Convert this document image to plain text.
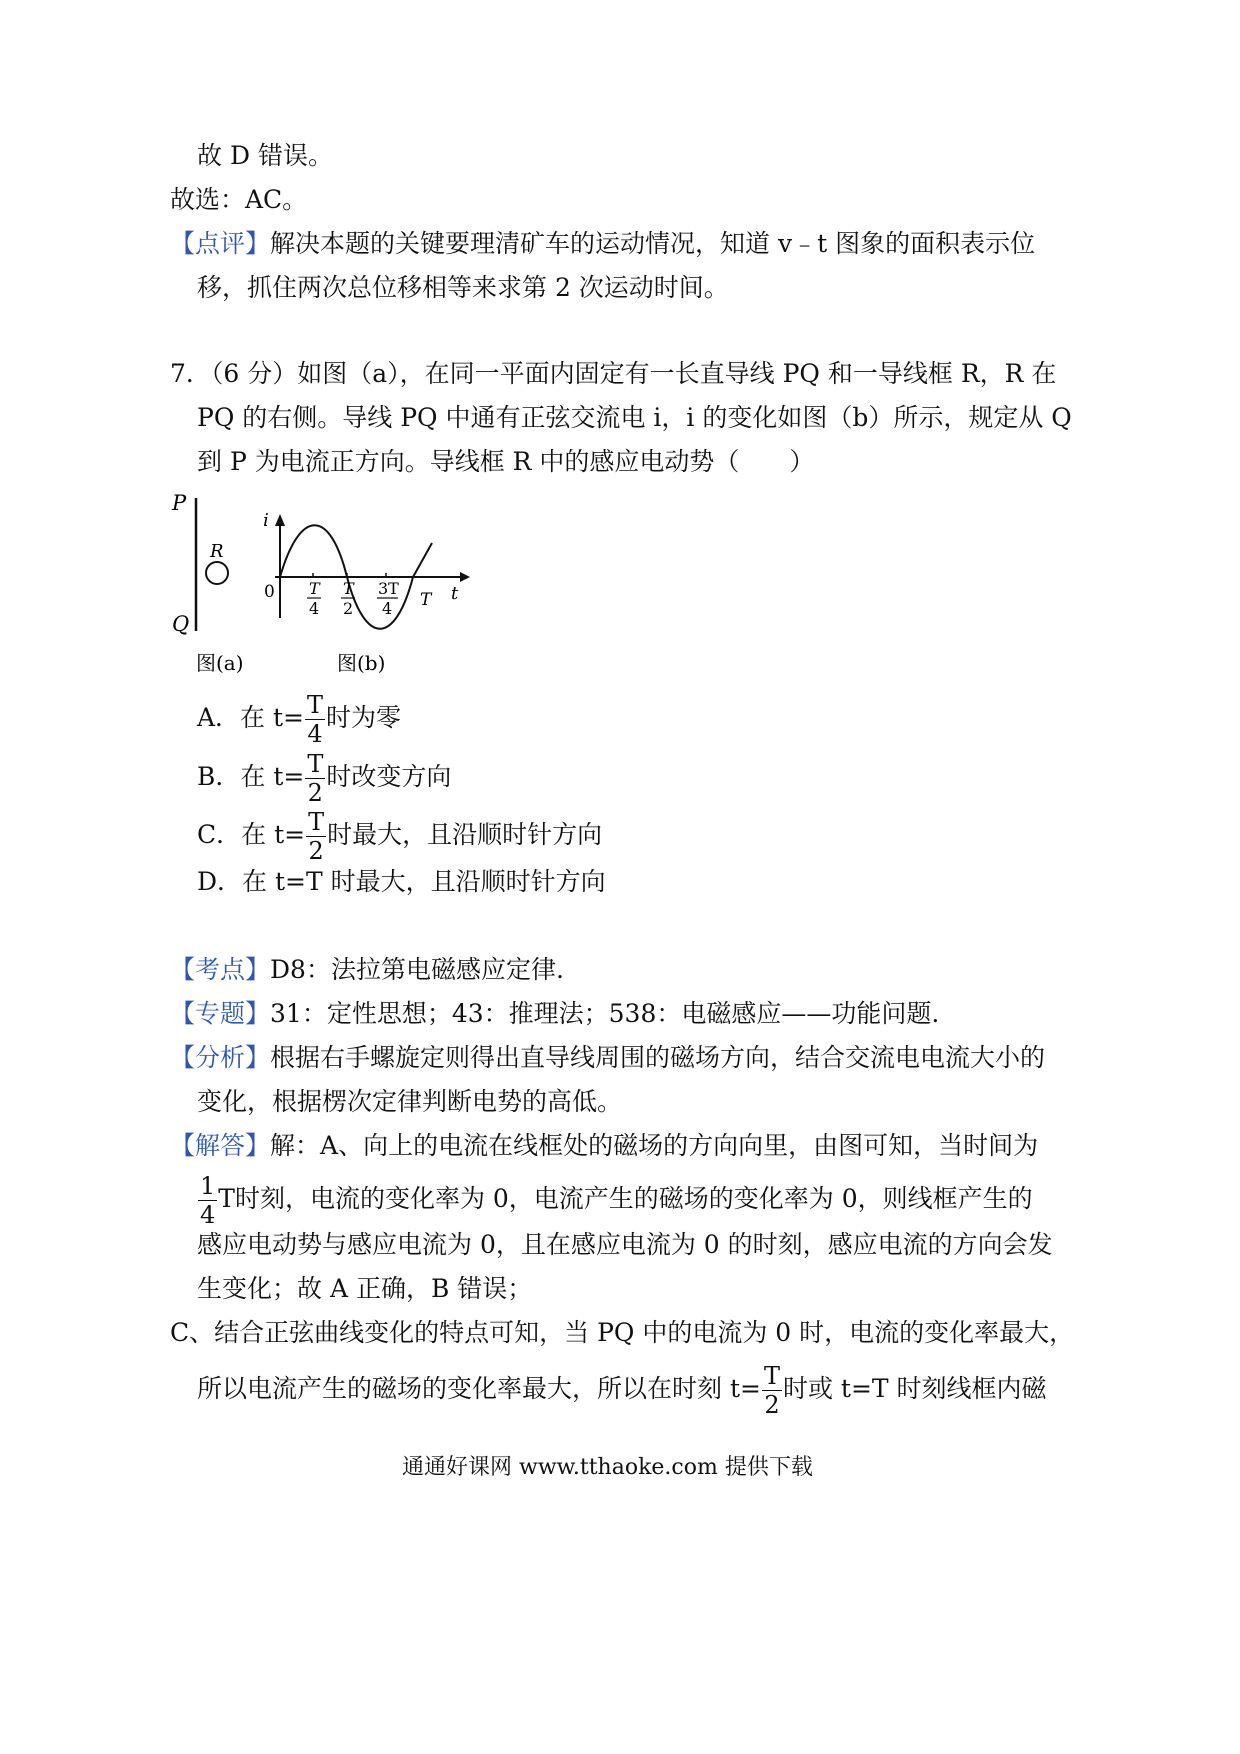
故 D 错误。
故选：AC。
【点评】解决本题的关键要理清矿车的运动情况，知道 v﹣t 图象的面积表示位
移，抓住两次总位移相等来求第 2 次运动时间。
7．（6 分）如图（a），在同一平面内固定有一长直导线 PQ 和一导线框 R，R 在
PQ 的右侧。导线 PQ 中通有正弦交流电 i，i 的变化如图（b）所示，规定从 Q
到 P 为电流正方向。导线框 R 中的感应电动势（　　）
P
Q
R
i
t
0 T
4
T
2
3T
4 T
图(a)	图(b)
A．在 $t= \frac{T}{4}$ 时为零
B．在 $t= \frac{T}{2}$ 时改变方向
C．在 $t= \frac{T}{2}$ 时最大，且沿顺时针方向
D．在 t=T 时最大，且沿顺时针方向
【考点】D8：法拉第电磁感应定律.
【专题】31：定性思想；43：推理法；538：电磁感应——功能问题.
【分析】根据右手螺旋定则得出直导线周围的磁场方向，结合交流电电流大小的
变化，根据楞次定律判断电势的高低。
【解答】解：A、向上的电流在线框处的磁场的方向向里，由图可知，当时间为
$\frac{1}{4}$ T时刻，电流的变化率为 0，电流产生的磁场的变化率为 0，则线框产生的
感应电动势与感应电流为 0，且在感应电流为 0 的时刻，感应电流的方向会发
生变化；故 A 正确，B 错误；
C、结合正弦曲线变化的特点可知，当 PQ 中的电流为 0 时，电流的变化率最大，
所以电流产生的磁场的变化率最大，所以在时刻 $t= \frac{T}{2}$ 时或 t=T 时刻线框内磁
通通好课网 www.tthaoke.com 提供下载
